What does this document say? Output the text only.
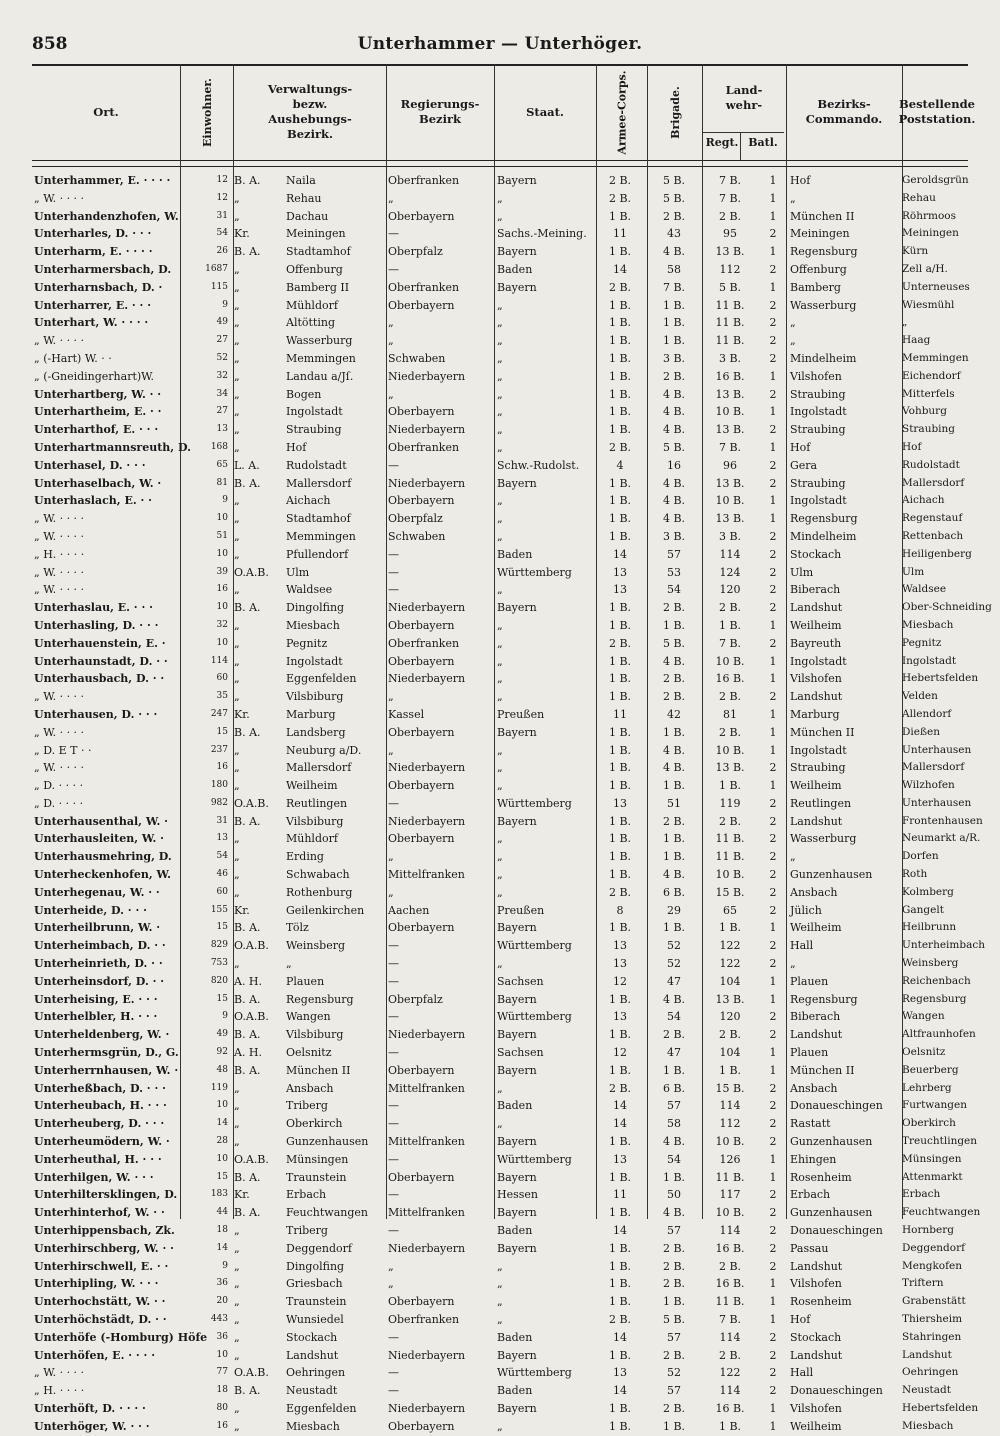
858	Unterhammer — Unterhöger.
Ort.	Einwohner.	Verwaltungs- bezw. Aushebungs- Bezirk.
Regierungs- Bezirk
Staat.	Armee-Corps.	Brigade.	Land- wehr-
Regt. Batl.
Bezirks- Commando.
Bestellende Poststation.
Unterhammer, E. · · · ·	12 B. A.	Naila	Oberfranken	Bayern	2 B.	5 B.	7 B.	1	Hof	Geroldsgrün
„ W. · · · ·	12 „	Rehau	„	„	2 B.	5 B.	7 B.	1	„	Rehau
Unterhandenzhofen, W.	31 „	Dachau	Oberbayern	„	1 B.	2 B.	2 B.	1	München II	Röhrmoos
Unterharles, D. · · ·	54 Kr.	Meiningen	—	Sachs.-Meining.	11	43	95	2	Meiningen	Meiningen
Unterharm, E. · · · ·	26 B. A.	Stadtamhof	Oberpfalz	Bayern	1 B.	4 B.	13 B.	1	Regensburg	Kürn
Unterharmersbach, D.	1687 „	Offenburg	—	Baden	14	58	112	2	Offenburg	Zell a/H.
Unterharnsbach, D. ·	115 „	Bamberg II	Oberfranken	Bayern	2 B.	7 B.	5 B.	1	Bamberg	Unterneuses
Unterharrer, E. · · ·	9 „	Mühldorf	Oberbayern	„	1 B.	1 B.	11 B.	2	Wasserburg	Wiesmühl
Unterhart, W. · · · ·	49 „	Altötting	„	„	1 B.	1 B.	11 B.	2	„	„
„ W. · · · ·	27 „	Wasserburg	„	„	1 B.	1 B.	11 B.	2	„	Haag
„ (-Hart) W. · ·	52 „	Memmingen	Schwaben	„	1 B.	3 B.	3 B.	2	Mindelheim	Memmingen
„ (-Gneidingerhart)W.	32 „	Landau a/Jſ.	Niederbayern	„	1 B.	2 B.	16 B.	1	Vilshofen	Eichendorf
Unterhartberg, W. · ·	34 „	Bogen	„	„	1 B.	4 B.	13 B.	2	Straubing	Mitterfels
Unterhartheim, E. · ·	27 „	Ingolstadt	Oberbayern	„	1 B.	4 B.	10 B.	1	Ingolstadt	Vohburg
Unterharthof, E. · · ·	13 „	Straubing	Niederbayern	„	1 B.	4 B.	13 B.	2	Straubing	Straubing
Unterhartmannsreuth, D.	168 „	Hof	Oberfranken	„	2 B.	5 B.	7 B.	1	Hof	Hof
Unterhasel, D. · · ·	65 L. A.	Rudolstadt	—	Schw.-Rudolst.	4	16	96	2	Gera	Rudolstadt
Unterhaselbach, W. ·	81 B. A.	Mallersdorf	Niederbayern	Bayern	1 B.	4 B.	13 B.	2	Straubing	Mallersdorf
Unterhaslach, E. · ·	9 „	Aichach	Oberbayern	„	1 B.	4 B.	10 B.	1	Ingolstadt	Aichach
„ W. · · · ·	10 „	Stadtamhof	Oberpfalz	„	1 B.	4 B.	13 B.	1	Regensburg	Regenstauf
„ W. · · · ·	51 „	Memmingen	Schwaben	„	1 B.	3 B.	3 B.	2	Mindelheim	Rettenbach
„ H. · · · ·	10 „	Pfullendorf	—	Baden	14	57	114	2	Stockach	Heiligenberg
„ W. · · · ·	39 O.A.B.	Ulm	—	Württemberg	13	53	124	2	Ulm	Ulm
„ W. · · · ·	16 „	Waldsee	—	„	13	54	120	2	Biberach	Waldsee
Unterhaslau, E. · · ·	10 B. A.	Dingolfing	Niederbayern	Bayern	1 B.	2 B.	2 B.	2	Landshut	Ober-Schneiding
Unterhasling, D. · · ·	32 „	Miesbach	Oberbayern	„	1 B.	1 B.	1 B.	1	Weilheim	Miesbach
Unterhauenstein, E. ·	10 „	Pegnitz	Oberfranken	„	2 B.	5 B.	7 B.	2	Bayreuth	Pegnitz
Unterhaunstadt, D. · ·	114 „	Ingolstadt	Oberbayern	„	1 B.	4 B.	10 B.	1	Ingolstadt	Ingolstadt
Unterhausbach, D. · ·	60 „	Eggenfelden	Niederbayern	„	1 B.	2 B.	16 B.	1	Vilshofen	Hebertsfelden
„ W. · · · ·	35 „	Vilsbiburg	„	„	1 B.	2 B.	2 B.	2	Landshut	Velden
Unterhausen, D. · · ·	247 Kr.	Marburg	Kassel	Preußen	11	42	81	1	Marburg	Allendorf
„ W. · · · ·	15 B. A.	Landsberg	Oberbayern	Bayern	1 B.	1 B.	2 B.	1	München II	Dießen
„ D. E T · ·	237 „	Neuburg a/D.	„	„	1 B.	4 B.	10 B.	1	Ingolstadt	Unterhausen
„ W. · · · ·	16 „	Mallersdorf	Niederbayern	„	1 B.	4 B.	13 B.	2	Straubing	Mallersdorf
„ D. · · · ·	180 „	Weilheim	Oberbayern	„	1 B.	1 B.	1 B.	1	Weilheim	Wilzhofen
„ D. · · · ·	982 O.A.B.	Reutlingen	—	Württemberg	13	51	119	2	Reutlingen	Unterhausen
Unterhausenthal, W. ·	31 B. A.	Vilsbiburg	Niederbayern	Bayern	1 B.	2 B.	2 B.	2	Landshut	Frontenhausen
Unterhausleiten, W. ·	13 „	Mühldorf	Oberbayern	„	1 B.	1 B.	11 B.	2	Wasserburg	Neumarkt a/R.
Unterhausmehring, D.	54 „	Erding	„	„	1 B.	1 B.	11 B.	2	„	Dorfen
Unterheckenhofen, W.	46 „	Schwabach	Mittelfranken	„	1 B.	4 B.	10 B.	2	Gunzenhausen	Roth
Unterhegenau, W. · ·	60 „	Rothenburg	„	„	2 B.	6 B.	15 B.	2	Ansbach	Kolmberg
Unterheide, D. · · ·	155 Kr.	Geilenkirchen	Aachen	Preußen	8	29	65	2	Jülich	Gangelt
Unterheilbrunn, W. ·	15 B. A.	Tölz	Oberbayern	Bayern	1 B.	1 B.	1 B.	1	Weilheim	Heilbrunn
Unterheimbach, D. · ·	829 O.A.B.	Weinsberg	—	Württemberg	13	52	122	2	Hall	Unterheimbach
Unterheinrieth, D. · ·	753 „	„	—	„	13	52	122	2	„	Weinsberg
Unterheinsdorf, D. · ·	820 A. H.	Plauen	—	Sachsen	12	47	104	1	Plauen	Reichenbach
Unterheising, E. · · ·	15 B. A.	Regensburg	Oberpfalz	Bayern	1 B.	4 B.	13 B.	1	Regensburg	Regensburg
Unterhelbler, H. · · ·	9 O.A.B.	Wangen	—	Württemberg	13	54	120	2	Biberach	Wangen
Unterheldenberg, W. ·	49 B. A.	Vilsbiburg	Niederbayern	Bayern	1 B.	2 B.	2 B.	2	Landshut	Altfraunhofen
Unterhermsgrün, D., G.	92 A. H.	Oelsnitz	—	Sachsen	12	47	104	1	Plauen	Oelsnitz
Unterherrnhausen, W. ·	48 B. A.	München II	Oberbayern	Bayern	1 B.	1 B.	1 B.	1	München II	Beuerberg
Unterheßbach, D. · · ·	119 „	Ansbach	Mittelfranken	„	2 B.	6 B.	15 B.	2	Ansbach	Lehrberg
Unterheubach, H. · · ·	10 „	Triberg	—	Baden	14	57	114	2	Donaueschingen	Furtwangen
Unterheuberg, D. · · ·	14 „	Oberkirch	—	„	14	58	112	2	Rastatt	Oberkirch
Unterheumödern, W. ·	28 „	Gunzenhausen	Mittelfranken	Bayern	1 B.	4 B.	10 B.	2	Gunzenhausen	Treuchtlingen
Unterheuthal, H. · · ·	10 O.A.B.	Münsingen	—	Württemberg	13	54	126	1	Ehingen	Münsingen
Unterhilgen, W. · · ·	15 B. A.	Traunstein	Oberbayern	Bayern	1 B.	1 B.	11 B.	1	Rosenheim	Attenmarkt
Unterhiltersklingen, D.	183 Kr.	Erbach	—	Hessen	11	50	117	2	Erbach	Erbach
Unterhinterhof, W. · ·	44 B. A.	Feuchtwangen	Mittelfranken	Bayern	1 B.	4 B.	10 B.	2	Gunzenhausen	Feuchtwangen
Unterhippensbach, Zk.	18 „	Triberg	—	Baden	14	57	114	2	Donaueschingen	Hornberg
Unterhirschberg, W. · ·	14 „	Deggendorf	Niederbayern	Bayern	1 B.	2 B.	16 B.	2	Passau	Deggendorf
Unterhirschwell, E. · ·	9 „	Dingolfing	„	„	1 B.	2 B.	2 B.	2	Landshut	Mengkofen
Unterhipling, W. · · ·	36 „	Griesbach	„	„	1 B.	2 B.	16 B.	1	Vilshofen	Triftern
Unterhochstätt, W. · ·	20 „	Traunstein	Oberbayern	„	1 B.	1 B.	11 B.	1	Rosenheim	Grabenstätt
Unterhöchstädt, D. · ·	443 „	Wunsiedel	Oberfranken	„	2 B.	5 B.	7 B.	1	Hof	Thiersheim
Unterhöfe (-Homburg) Höfe	36 „	Stockach	—	Baden	14	57	114	2	Stockach	Stahringen
Unterhöfen, E. · · · ·	10 „	Landshut	Niederbayern	Bayern	1 B.	2 B.	2 B.	2	Landshut	Landshut
„ W. · · · ·	77 O.A.B.	Oehringen	—	Württemberg	13	52	122	2	Hall	Oehringen
„ H. · · · ·	18 B. A.	Neustadt	—	Baden	14	57	114	2	Donaueschingen	Neustadt
Unterhöft, D. · · · ·	80 „	Eggenfelden	Niederbayern	Bayern	1 B.	2 B.	16 B.	1	Vilshofen	Hebertsfelden
Unterhöger, W. · · ·	16 „	Miesbach	Oberbayern	„	1 B.	1 B.	1 B.	1	Weilheim	Miesbach
